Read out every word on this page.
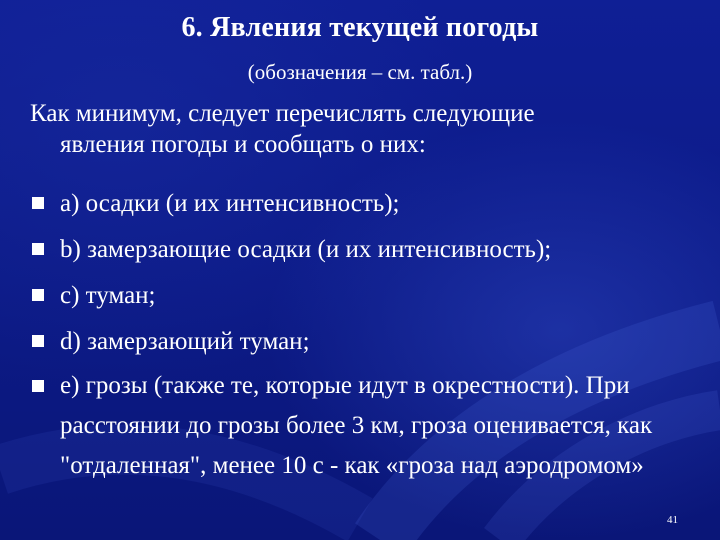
6. Явления текущей погоды
(обозначения – см. табл.)
Как минимум, следует перечислять следующие
явления погоды и сообщать о них:
a) осадки (и их интенсивность);
b) замерзающие осадки (и их интенсивность);
c) туман;
d) замерзающий туман;
e) грозы (также те, которые идут в окрестности). При расстоянии до грозы более 3 км, гроза оценивается, как "отдаленная", менее 10 с - как «гроза над аэродромом»
41
